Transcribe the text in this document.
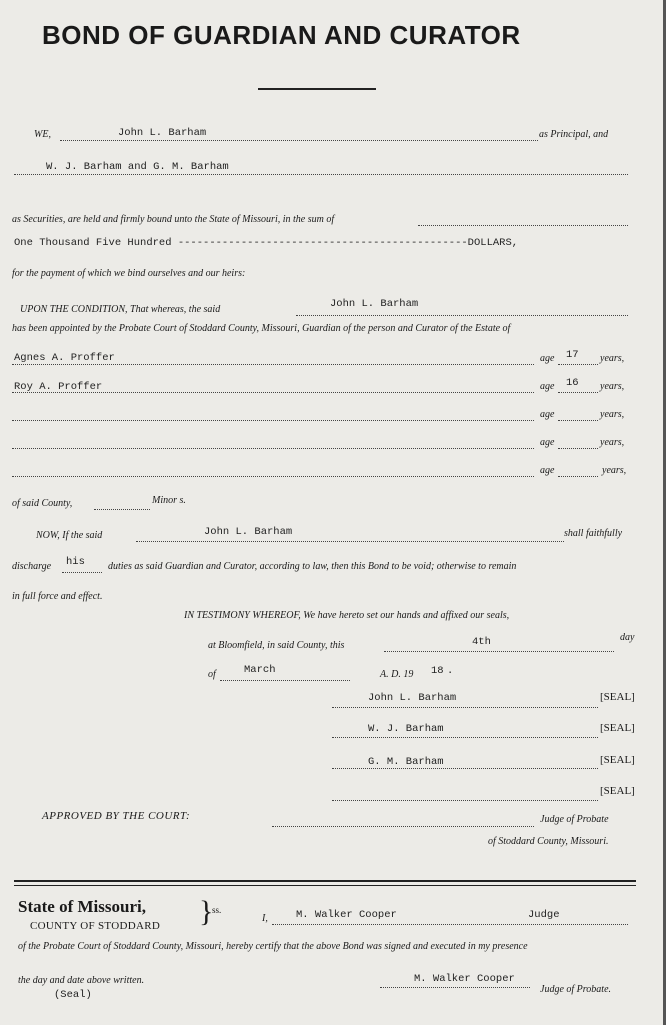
BOND OF GUARDIAN AND CURATOR
WE,	John L. Barham	as Principal, and
W. J. Barham and G. M. Barham
as Securities, are held and firmly bound unto the State of Missouri, in the sum of
One Thousand Five Hundred ----------------------------------------------DOLLARS,
for the payment of which we bind ourselves and our heirs:
UPON THE CONDITION, That whereas, the said	John L. Barham
has been appointed by the Probate Court of Stoddard County, Missouri, Guardian of the person and Curator of the Estate of
Agnes A. Proffer	age 17 years,
Roy A. Proffer	age 16 years,
age	years,
age	years,
age	years,
of said County,	Minor s.
NOW, If the said	John L. Barham	shall faithfully
discharge his duties as said Guardian and Curator, according to law, then this Bond to be void; otherwise to remain
in full force and effect.
IN TESTIMONY WHEREOF, We have hereto set our hands and affixed our seals,
at Bloomfield, in said County, this	4th	day
of	March	A. D. 19 18 .
John L. Barham	[SEAL]
W. J. Barham	[SEAL]
G. M. Barham	[SEAL]
[SEAL]
APPROVED BY THE COURT:	Judge of Probate
of Stoddard County, Missouri.
State of Missouri, }
ss.
COUNTY OF STODDARD
I,	M. Walker Cooper	Judge
of the Probate Court of Stoddard County, Missouri, hereby certify that the above Bond was signed and executed in my presence
the day and date above written.
(Seal)
M. Walker Cooper
Judge of Probate.
